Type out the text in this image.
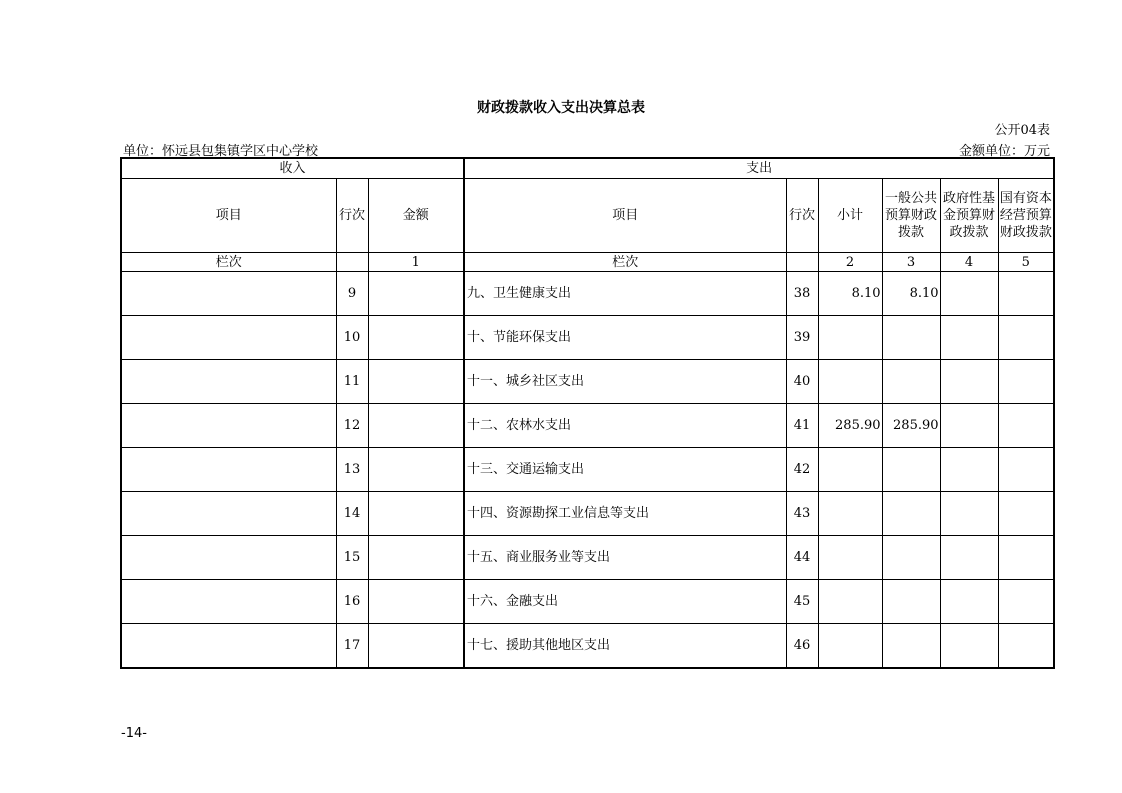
财政拨款收入支出决算总表
公开04表
单位：怀远县包集镇学区中心学校	金额单位：万元
收入			支出					
项目	行次	金额	项目	行次	小计	一般公共预算财政拨款	政府性基金预算财政拨款	国有资本经营预算财政拨款
栏次		1	栏次		2	3	4	5
	9		九、卫生健康支出	38	8.10	8.10		
	10		十、节能环保支出	39				
	11		十一、城乡社区支出	40				
	12		十二、农林水支出	41	285.90	285.90		
	13		十三、交通运输支出	42				
	14		十四、资源勘探工业信息等支出	43				
	15		十五、商业服务业等支出	44				
	16		十六、金融支出	45				
	17		十七、援助其他地区支出	46				
-14-
